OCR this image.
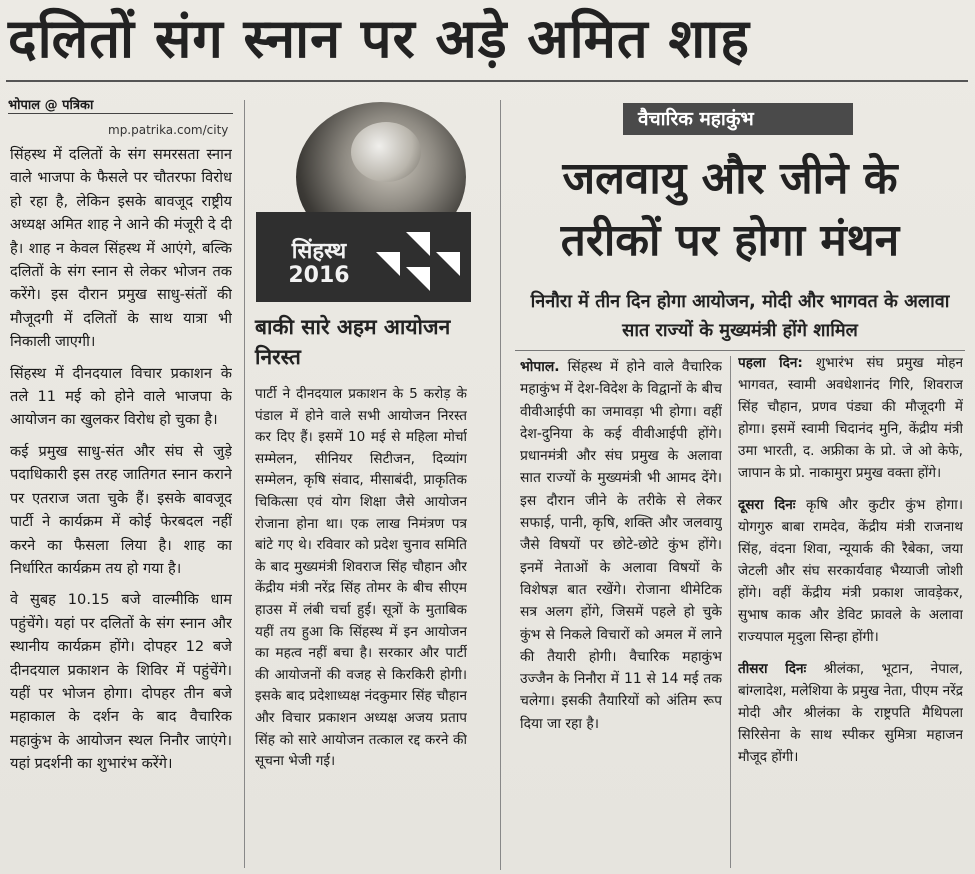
दलितों संग स्नान पर अड़े अमित शाह
भोपाल @ पत्रिका
mp.patrika.com/city

सिंहस्थ में दलितों के संग समरसता स्नान वाले भाजपा के फैसले पर चौतरफा विरोध हो रहा है, लेकिन इसके बावजूद राष्ट्रीय अध्यक्ष अमित शाह ने आने की मंजूरी दे दी है। शाह न केवल सिंहस्थ में आएंगे, बल्कि दलितों के संग स्नान से लेकर भोजन तक करेंगे। इस दौरान प्रमुख साधु-संतों की मौजूदगी में दलितों के साथ यात्रा भी निकाली जाएगी।

सिंहस्थ में दीनदयाल विचार प्रकाशन के तले 11 मई को होने वाले भाजपा के आयोजन का खुलकर विरोध हो चुका है।

कई प्रमुख साधु-संत और संघ से जुड़े पदाधिकारी इस तरह जातिगत स्नान कराने पर एतराज जता चुके हैं। इसके बावजूद पार्टी ने कार्यक्रम में कोई फेरबदल नहीं करने का फैसला लिया है। शाह का निर्धारित कार्यक्रम तय हो गया है।

वे सुबह 10.15 बजे वाल्मीकि धाम पहुंचेंगे। यहां पर दलितों के संग स्नान और स्थानीय कार्यक्रम होंगे। दोपहर 12 बजे दीनदयाल प्रकाशन के शिविर में पहुंचेंगे। यहीं पर भोजन होगा। दोपहर तीन बजे महाकाल के दर्शन के बाद वैचारिक महाकुंभ के आयोजन स्थल निनौर जाएंगे। यहां प्रदर्शनी का शुभारंभ करेंगे।

सिंहस्थ
2016
बाकी सारे अहम आयोजन निरस्त

पार्टी ने दीनदयाल प्रकाशन के 5 करोड़ के पंडाल में होने वाले सभी आयोजन निरस्त कर दिए हैं। इसमें 10 मई से महिला मोर्चा सम्मेलन, सीनियर सिटीजन, दिव्यांग सम्मेलन, कृषि संवाद, मीसाबंदी, प्राकृतिक चिकित्सा एवं योग शिक्षा जैसे आयोजन रोजाना होना था। एक लाख निमंत्रण पत्र बांटे गए थे। रविवार को प्रदेश चुनाव समिति के बाद मुख्यमंत्री शिवराज सिंह चौहान और केंद्रीय मंत्री नरेंद्र सिंह तोमर के बीच सीएम हाउस में लंबी चर्चा हुई। सूत्रों के मुताबिक यहीं तय हुआ कि सिंहस्थ में इन आयोजन का महत्व नहीं बचा है। सरकार और पार्टी की आयोजनों की वजह से किरकिरी होगी। इसके बाद प्रदेशाध्यक्ष नंदकुमार सिंह चौहान और विचार प्रकाशन अध्यक्ष अजय प्रताप सिंह को सारे आयोजन तत्काल रद्द करने की सूचना भेजी गई।

वैचारिक महाकुंभ
जलवायु और जीने के तरीकों पर होगा मंथन
निनौरा में तीन दिन होगा आयोजन, मोदी और भागवत के अलावा सात राज्यों के मुख्यमंत्री होंगे शामिल

भोपाल. सिंहस्थ में होने वाले वैचारिक महाकुंभ में देश-विदेश के विद्वानों के बीच वीवीआईपी का जमावड़ा भी होगा। वहीं देश-दुनिया के कई वीवीआईपी होंगे। प्रधानमंत्री और संघ प्रमुख के अलावा सात राज्यों के मुख्यमंत्री भी आमद देंगे। इस दौरान जीने के तरीके से लेकर सफाई, पानी, कृषि, शक्ति और जलवायु जैसे विषयों पर छोटे-छोटे कुंभ होंगे। इनमें नेताओं के अलावा विषयों के विशेषज्ञ बात रखेंगे। रोजाना थीमेटिक सत्र अलग होंगे, जिसमें पहले हो चुके कुंभ से निकले विचारों को अमल में लाने की तैयारी होगी। वैचारिक महाकुंभ उज्जैन के निनौरा में 11 से 14 मई तक चलेगा। इसकी तैयारियों को अंतिम रूप दिया जा रहा है।

पहला दिन: शुभारंभ संघ प्रमुख मोहन भागवत, स्वामी अवधेशानंद गिरि, शिवराज सिंह चौहान, प्रणव पंड्या की मौजूदगी में होगा। इसमें स्वामी चिदानंद मुनि, केंद्रीय मंत्री उमा भारती, द. अफ्रीका के प्रो. जे ओ केफे, जापान के प्रो. नाकामुरा प्रमुख वक्ता होंगे।

दूसरा दिनः कृषि और कुटीर कुंभ होगा। योगगुरु बाबा रामदेव, केंद्रीय मंत्री राजनाथ सिंह, वंदना शिवा, न्यूयार्क की रैबेका, जया जेटली और संघ सरकार्यवाह भैय्याजी जोशी होंगे। वहीं केंद्रीय मंत्री प्रकाश जावड़ेकर, सुभाष काक और डेविट फ्रावले के अलावा राज्यपाल मृदुला सिन्हा होंगी।

तीसरा दिनः श्रीलंका, भूटान, नेपाल, बांग्लादेश, मलेशिया के प्रमुख नेता, पीएम नरेंद्र मोदी और श्रीलंका के राष्ट्रपति मैथिपला सिरिसेना के साथ स्पीकर सुमित्रा महाजन मौजूद होंगी।
